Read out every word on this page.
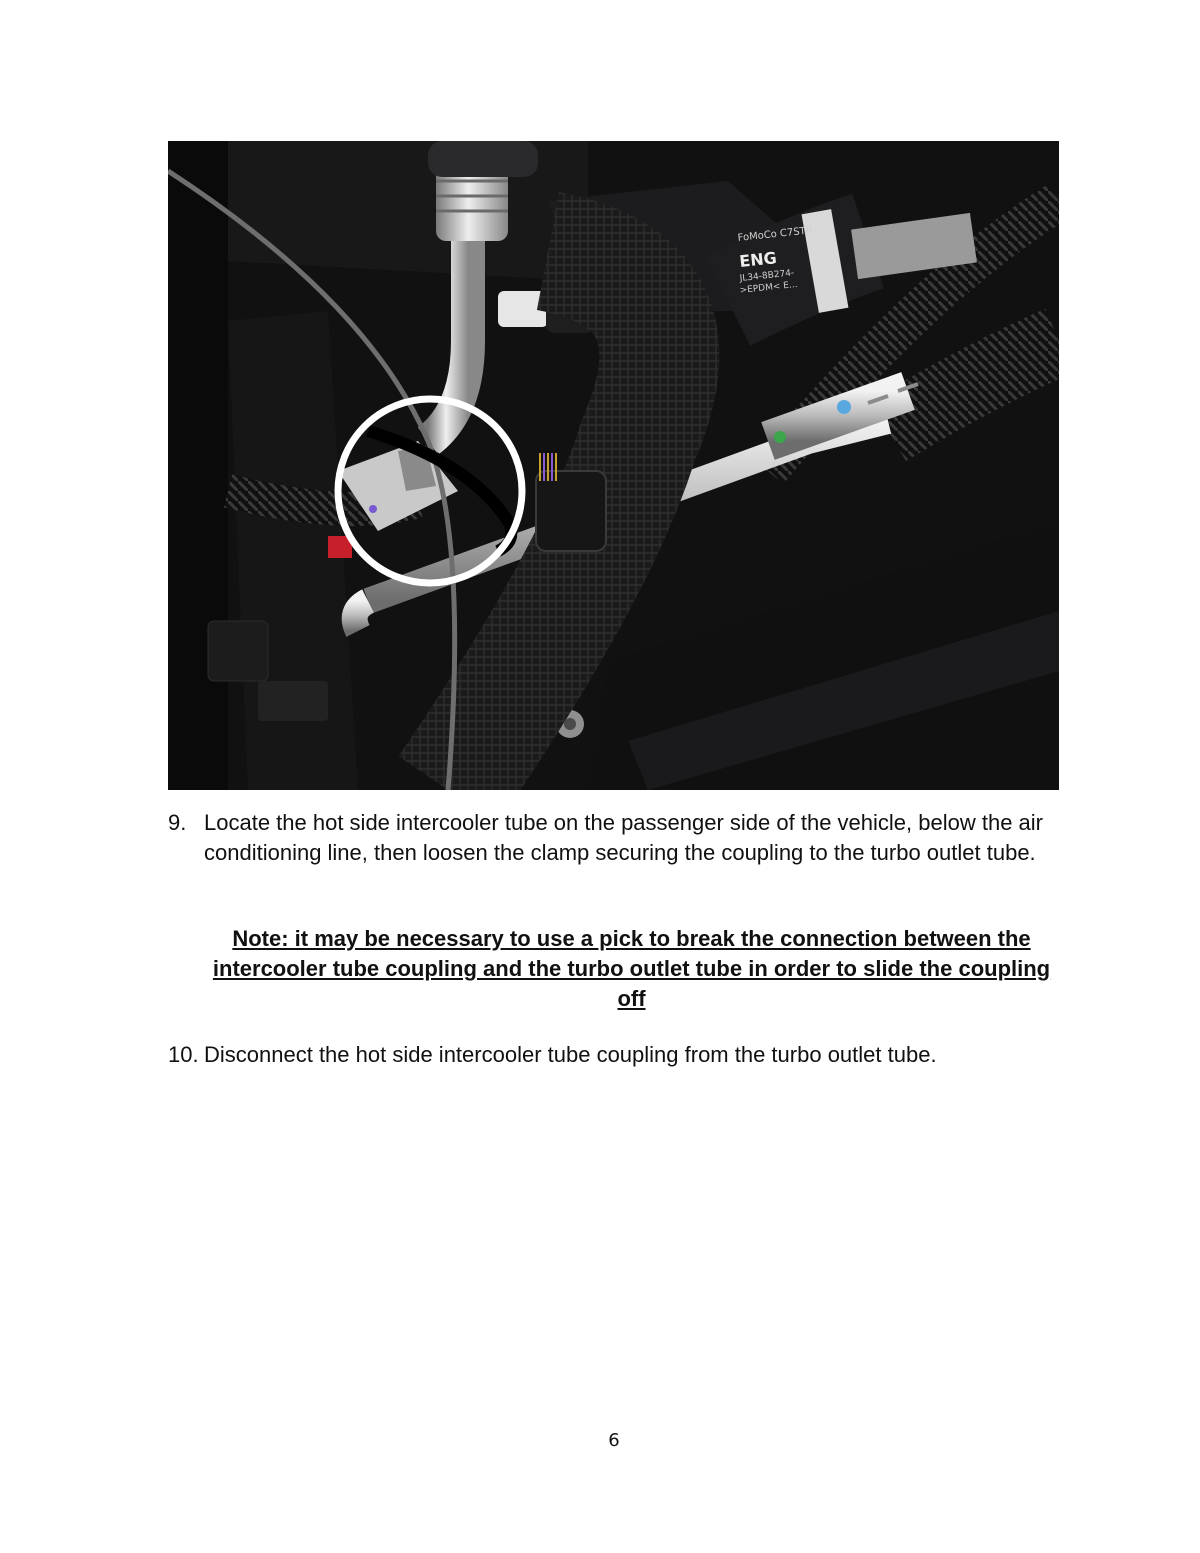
FoMoCo C7STR
ENG
JL34-8B274-
>EPDM< E...
9. Locate the hot side intercooler tube on the passenger side of the vehicle, below the air conditioning line, then loosen the clamp securing the coupling to the turbo outlet tube.
Note: it may be necessary to use a pick to break the connection between the intercooler tube coupling and the turbo outlet tube in order to slide the coupling off
10. Disconnect the hot side intercooler tube coupling from the turbo outlet tube.
6
